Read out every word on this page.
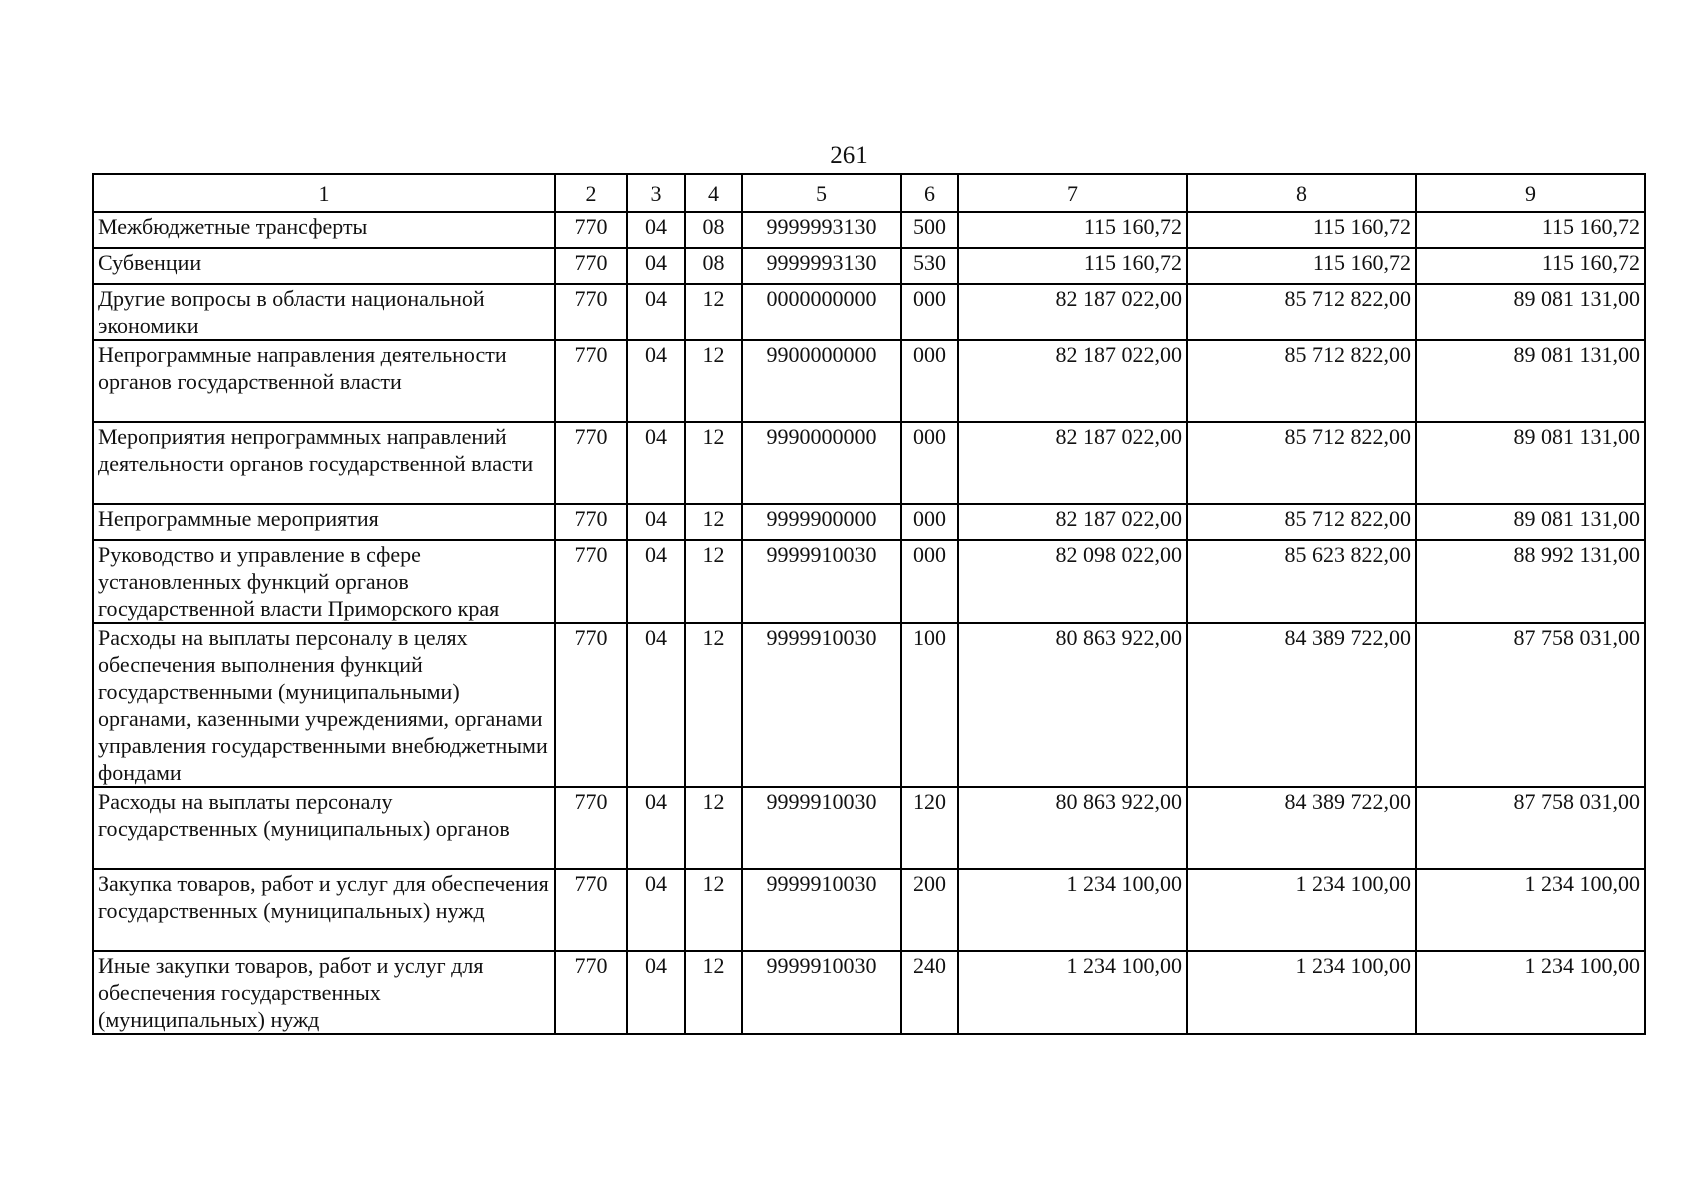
261
1	2	3	4	5	6	7	8	9
Межбюджетные трансферты	770	04	08	9999993130	500	115 160,72	115 160,72	115 160,72
Субвенции	770	04	08	9999993130	530	115 160,72	115 160,72	115 160,72
Другие вопросы в области национальной экономики	770	04	12	0000000000	000	82 187 022,00	85 712 822,00	89 081 131,00
Непрограммные направления деятельности органов государственной власти	770	04	12	9900000000	000	82 187 022,00	85 712 822,00	89 081 131,00
Мероприятия непрограммных направлений деятельности органов государственной власти	770	04	12	9990000000	000	82 187 022,00	85 712 822,00	89 081 131,00
Непрограммные мероприятия	770	04	12	9999900000	000	82 187 022,00	85 712 822,00	89 081 131,00
Руководство и управление в сфере установленных функций органов государственной власти Приморского края	770	04	12	9999910030	000	82 098 022,00	85 623 822,00	88 992 131,00
Расходы на выплаты персоналу в целях обеспечения выполнения функций государственными (муниципальными) органами, казенными учреждениями, органами управления государственными внебюджетными фондами	770	04	12	9999910030	100	80 863 922,00	84 389 722,00	87 758 031,00
Расходы на выплаты персоналу государственных (муниципальных) органов	770	04	12	9999910030	120	80 863 922,00	84 389 722,00	87 758 031,00
Закупка товаров, работ и услуг для обеспечения государственных (муниципальных) нужд	770	04	12	9999910030	200	1 234 100,00	1 234 100,00	1 234 100,00
Иные закупки товаров, работ и услуг для обеспечения государственных (муниципальных) нужд	770	04	12	9999910030	240	1 234 100,00	1 234 100,00	1 234 100,00
